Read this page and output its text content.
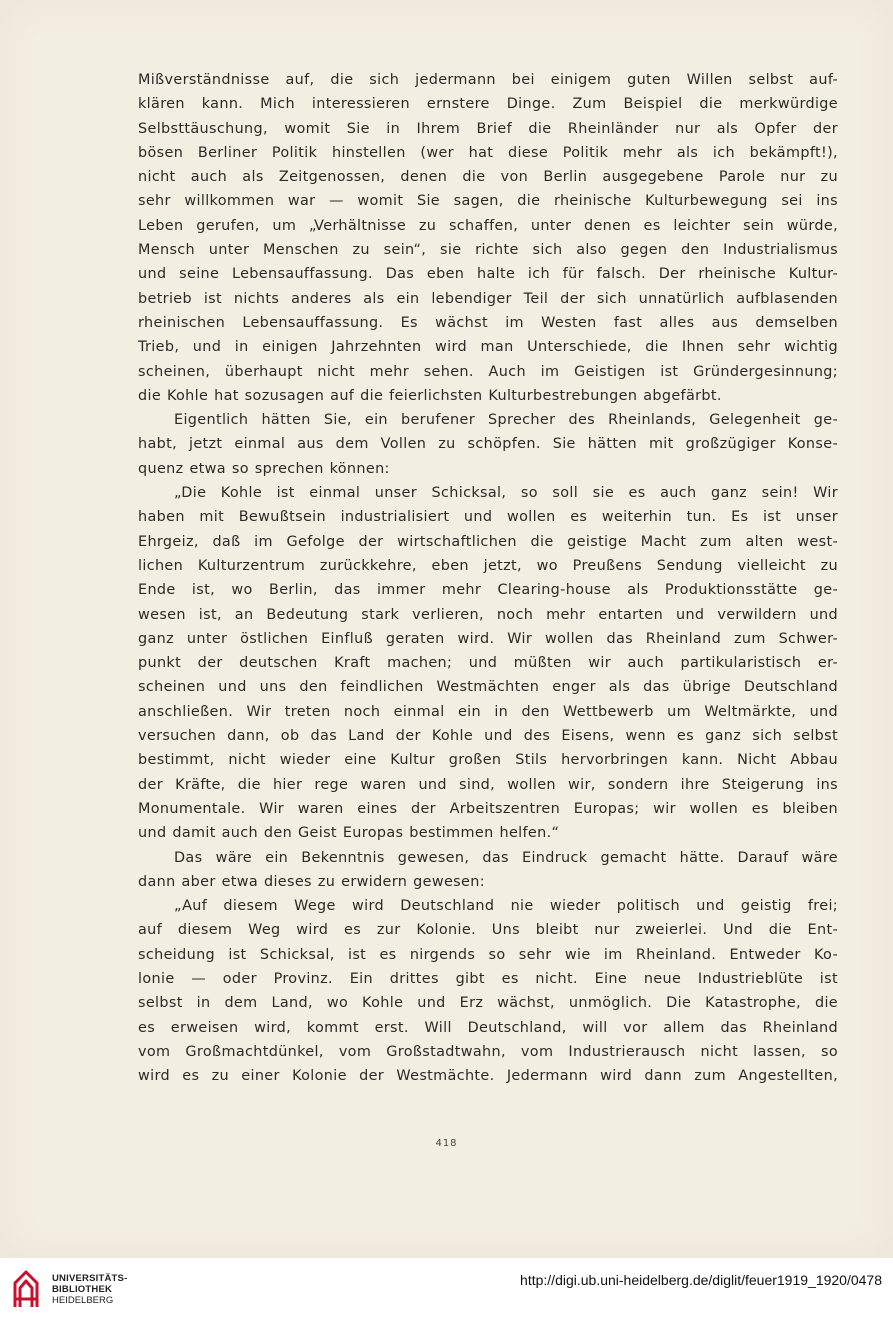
Mißverständnisse auf, die sich jedermann bei einigem guten Willen selbst auf-
klären kann. Mich interessieren ernstere Dinge. Zum Beispiel die merkwürdige
Selbsttäuschung, womit Sie in Ihrem Brief die Rheinländer nur als Opfer der
bösen Berliner Politik hinstellen (wer hat diese Politik mehr als ich bekämpft!),
nicht auch als Zeitgenossen, denen die von Berlin ausgegebene Parole nur zu
sehr willkommen war — womit Sie sagen, die rheinische Kulturbewegung sei ins
Leben gerufen, um „Verhältnisse zu schaffen, unter denen es leichter sein würde,
Mensch unter Menschen zu sein“, sie richte sich also gegen den Industrialismus
und seine Lebensauffassung. Das eben halte ich für falsch. Der rheinische Kultur-
betrieb ist nichts anderes als ein lebendiger Teil der sich unnatürlich aufblasenden
rheinischen Lebensauffassung. Es wächst im Westen fast alles aus demselben
Trieb, und in einigen Jahrzehnten wird man Unterschiede, die Ihnen sehr wichtig
scheinen, überhaupt nicht mehr sehen. Auch im Geistigen ist Gründergesinnung;
die Kohle hat sozusagen auf die feierlichsten Kulturbestrebungen abgefärbt.
Eigentlich hätten Sie, ein berufener Sprecher des Rheinlands, Gelegenheit ge-
habt, jetzt einmal aus dem Vollen zu schöpfen. Sie hätten mit großzügiger Konse-
quenz etwa so sprechen können:
„Die Kohle ist einmal unser Schicksal, so soll sie es auch ganz sein! Wir
haben mit Bewußtsein industrialisiert und wollen es weiterhin tun. Es ist unser
Ehrgeiz, daß im Gefolge der wirtschaftlichen die geistige Macht zum alten west-
lichen Kulturzentrum zurückkehre, eben jetzt, wo Preußens Sendung vielleicht zu
Ende ist, wo Berlin, das immer mehr Clearing-house als Produktionsstätte ge-
wesen ist, an Bedeutung stark verlieren, noch mehr entarten und verwildern und
ganz unter östlichen Einfluß geraten wird. Wir wollen das Rheinland zum Schwer-
punkt der deutschen Kraft machen; und müßten wir auch partikularistisch er-
scheinen und uns den feindlichen Westmächten enger als das übrige Deutschland
anschließen. Wir treten noch einmal ein in den Wettbewerb um Weltmärkte, und
versuchen dann, ob das Land der Kohle und des Eisens, wenn es ganz sich selbst
bestimmt, nicht wieder eine Kultur großen Stils hervorbringen kann. Nicht Abbau
der Kräfte, die hier rege waren und sind, wollen wir, sondern ihre Steigerung ins
Monumentale. Wir waren eines der Arbeitszentren Europas; wir wollen es bleiben
und damit auch den Geist Europas bestimmen helfen.“
Das wäre ein Bekenntnis gewesen, das Eindruck gemacht hätte. Darauf wäre
dann aber etwa dieses zu erwidern gewesen:
„Auf diesem Wege wird Deutschland nie wieder politisch und geistig frei;
auf diesem Weg wird es zur Kolonie. Uns bleibt nur zweierlei. Und die Ent-
scheidung ist Schicksal, ist es nirgends so sehr wie im Rheinland. Entweder Ko-
lonie — oder Provinz. Ein drittes gibt es nicht. Eine neue Industrieblüte ist
selbst in dem Land, wo Kohle und Erz wächst, unmöglich. Die Katastrophe, die
es erweisen wird, kommt erst. Will Deutschland, will vor allem das Rheinland
vom Großmachtdünkel, vom Großstadtwahn, vom Industrierausch nicht lassen, so
wird es zu einer Kolonie der Westmächte. Jedermann wird dann zum Angestellten,
418
UNIVERSITÄTS-
BIBLIOTHEK
HEIDELBERG
http://digi.ub.uni-heidelberg.de/diglit/feuer1919_1920/0478
